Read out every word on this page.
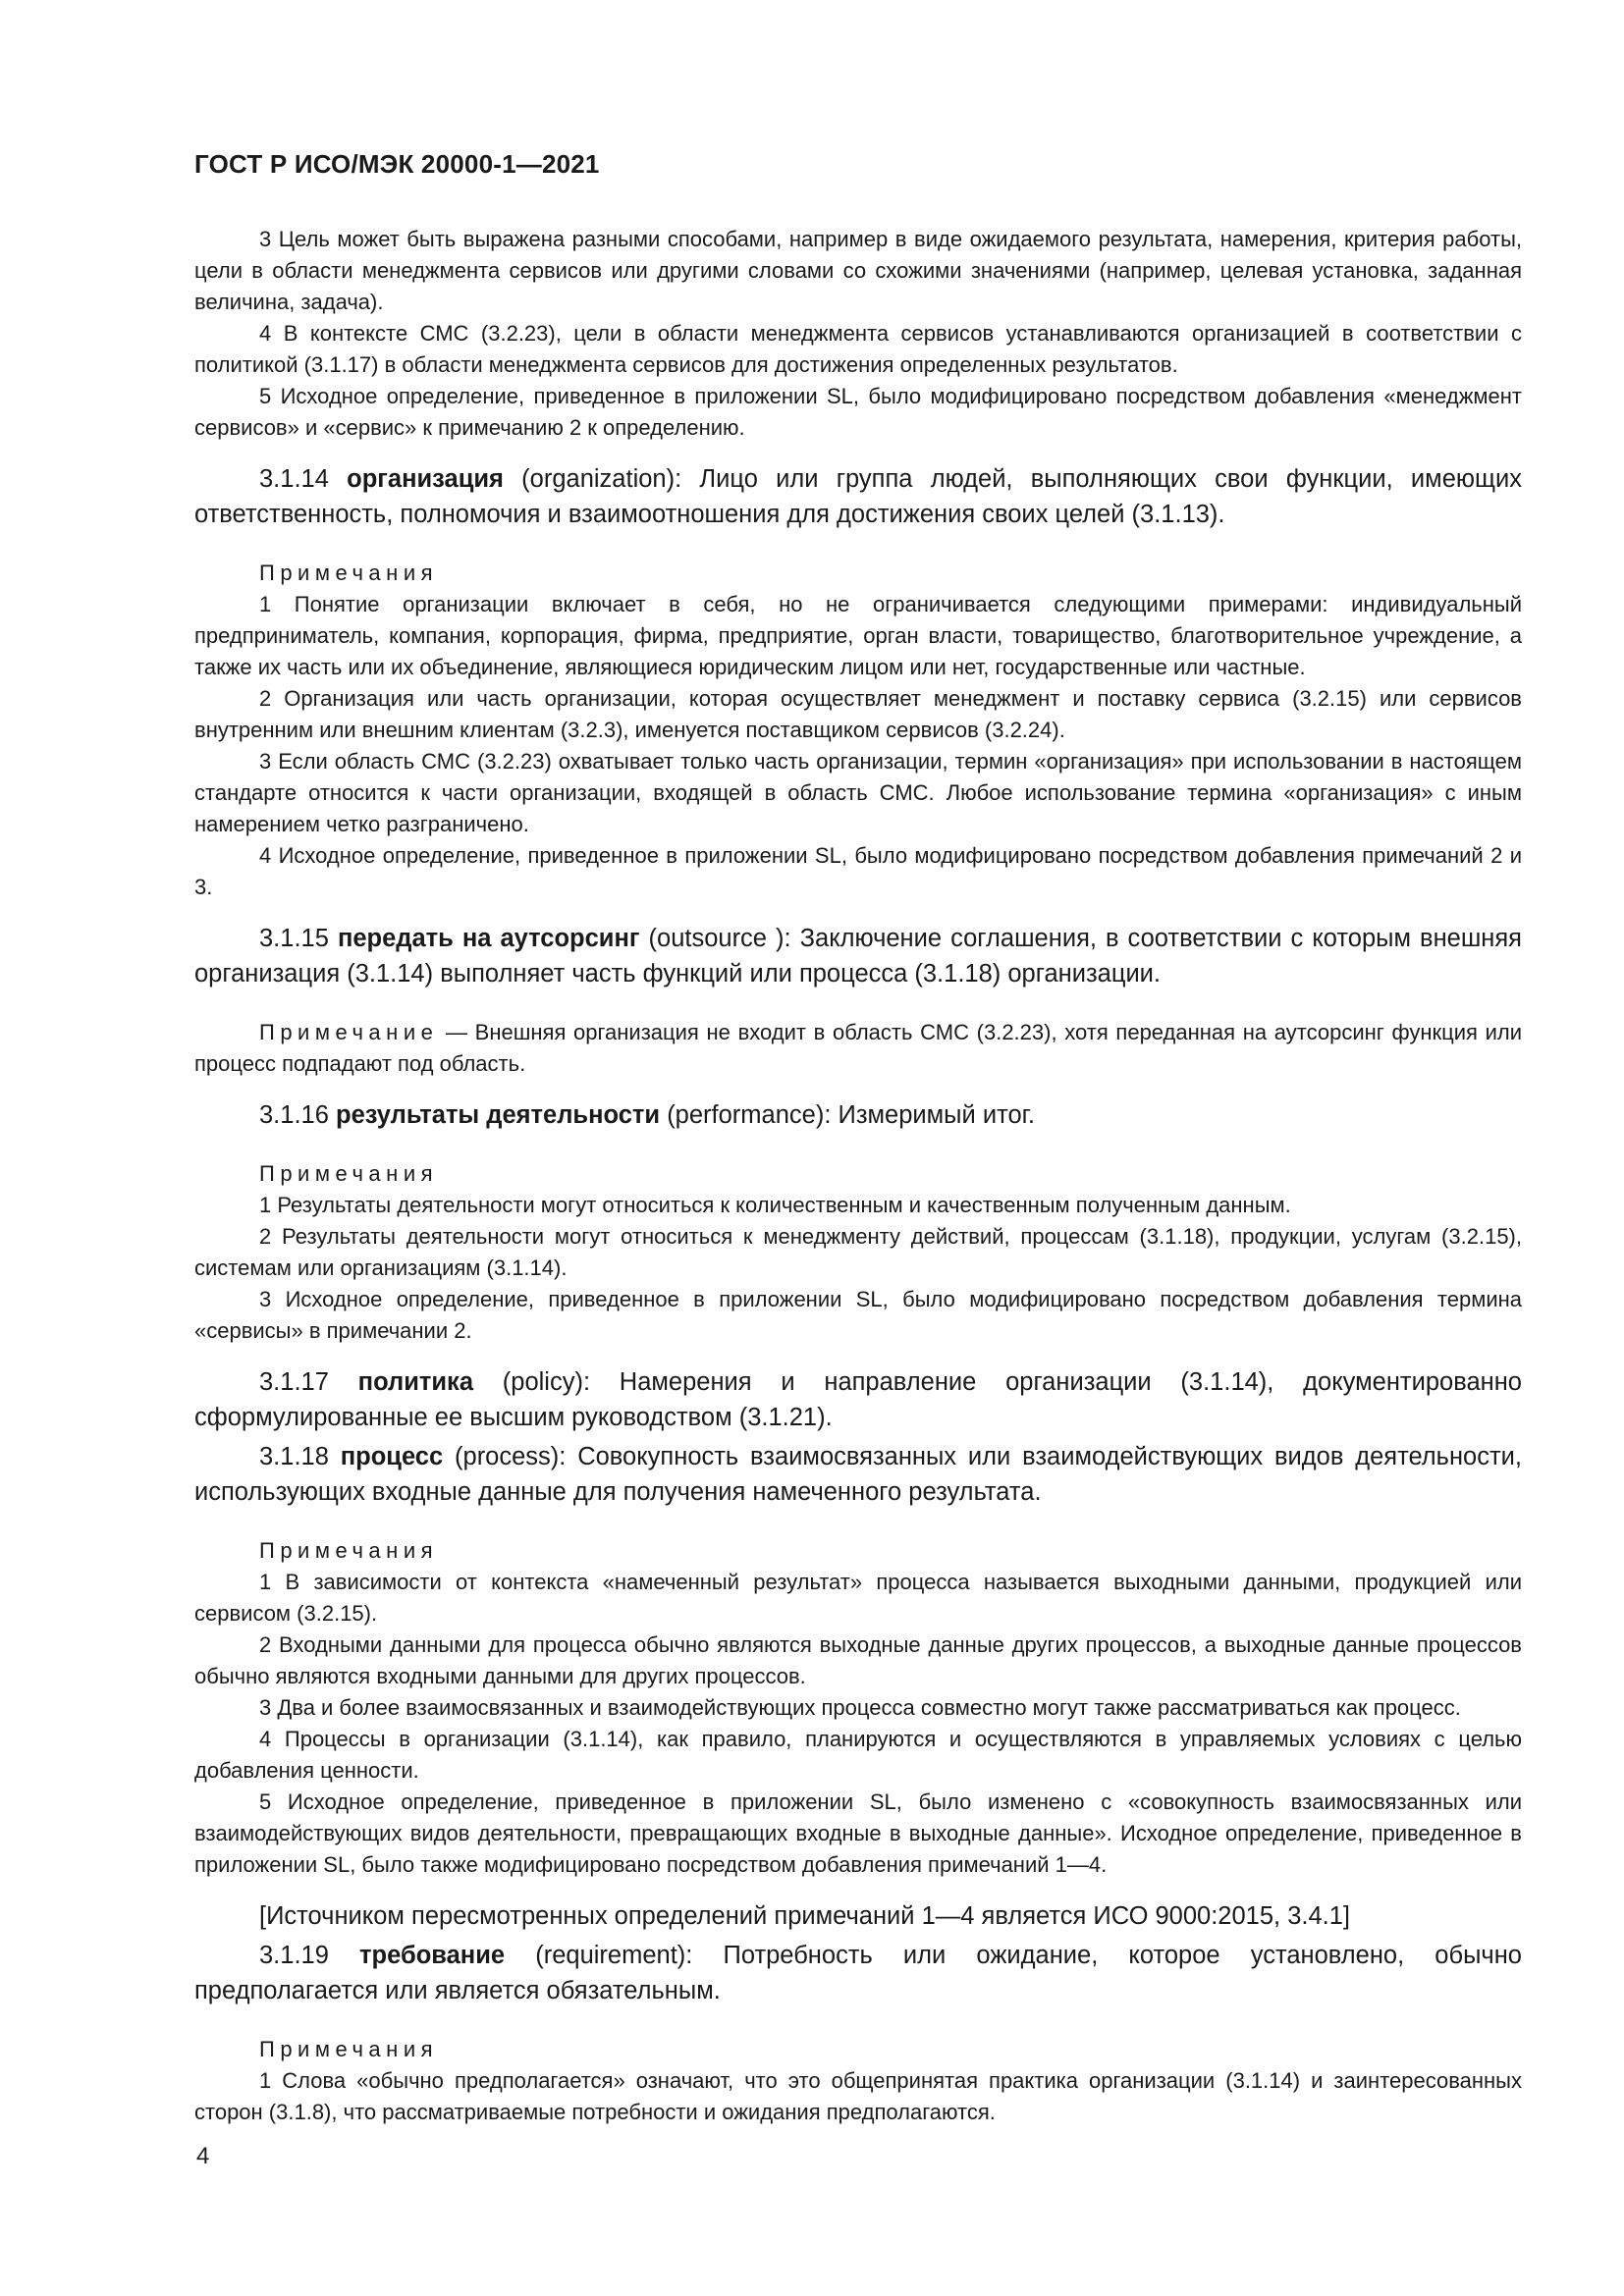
ГОСТ Р ИСО/МЭК 20000-1—2021

3 Цель может быть выражена разными способами, например в виде ожидаемого результата, намерения, критерия работы, цели в области менеджмента сервисов или другими словами со схожими значениями (например, целевая установка, заданная величина, задача).

4 В контексте СМС (3.2.23), цели в области менеджмента сервисов устанавливаются организацией в соответствии с политикой (3.1.17) в области менеджмента сервисов для достижения определенных результатов.

5 Исходное определение, приведенное в приложении SL, было модифицировано посредством добавления «менеджмент сервисов» и «сервис» к примечанию 2 к определению.

3.1.14 организация (organization): Лицо или группа людей, выполняющих свои функции, имеющих ответственность, полномочия и взаимоотношения для достижения своих целей (3.1.13).

Примечания

1 Понятие организации включает в себя, но не ограничивается следующими примерами: индивидуальный предприниматель, компания, корпорация, фирма, предприятие, орган власти, товарищество, благотворительное учреждение, а также их часть или их объединение, являющиеся юридическим лицом или нет, государственные или частные.

2 Организация или часть организации, которая осуществляет менеджмент и поставку сервиса (3.2.15) или сервисов внутренним или внешним клиентам (3.2.3), именуется поставщиком сервисов (3.2.24).

3 Если область СМС (3.2.23) охватывает только часть организации, термин «организация» при использовании в настоящем стандарте относится к части организации, входящей в область СМС. Любое использование термина «организация» с иным намерением четко разграничено.

4 Исходное определение, приведенное в приложении SL, было модифицировано посредством добавления примечаний 2 и 3.

3.1.15 передать на аутсорсинг (outsource ): Заключение соглашения, в соответствии с которым внешняя организация (3.1.14) выполняет часть функций или процесса (3.1.18) организации.

Примечание — Внешняя организация не входит в область СМС (3.2.23), хотя переданная на аутсорсинг функция или процесс подпадают под область.

3.1.16 результаты деятельности (performance): Измеримый итог.

Примечания

1 Результаты деятельности могут относиться к количественным и качественным полученным данным.

2 Результаты деятельности могут относиться к менеджменту действий, процессам (3.1.18), продукции, услугам (3.2.15), системам или организациям (3.1.14).

3 Исходное определение, приведенное в приложении SL, было модифицировано посредством добавления термина «сервисы» в примечании 2.

3.1.17 политика (policy): Намерения и направление организации (3.1.14), документированно сформулированные ее высшим руководством (3.1.21).

3.1.18 процесс (process): Совокупность взаимосвязанных или взаимодействующих видов деятельности, использующих входные данные для получения намеченного результата.

Примечания

1 В зависимости от контекста «намеченный результат» процесса называется выходными данными, продукцией или сервисом (3.2.15).

2 Входными данными для процесса обычно являются выходные данные других процессов, а выходные данные процессов обычно являются входными данными для других процессов.

3 Два и более взаимосвязанных и взаимодействующих процесса совместно могут также рассматриваться как процесс.

4 Процессы в организации (3.1.14), как правило, планируются и осуществляются в управляемых условиях с целью добавления ценности.

5 Исходное определение, приведенное в приложении SL, было изменено с «совокупность взаимосвязанных или взаимодействующих видов деятельности, превращающих входные в выходные данные». Исходное определение, приведенное в приложении SL, было также модифицировано посредством добавления примечаний 1—4.

[Источником пересмотренных определений примечаний 1—4 является ИСО 9000:2015, 3.4.1]

3.1.19 требование (requirement): Потребность или ожидание, которое установлено, обычно предполагается или является обязательным.

Примечания

1 Слова «обычно предполагается» означают, что это общепринятая практика организации (3.1.14) и заинтересованных сторон (3.1.8), что рассматриваемые потребности и ожидания предполагаются.

4
